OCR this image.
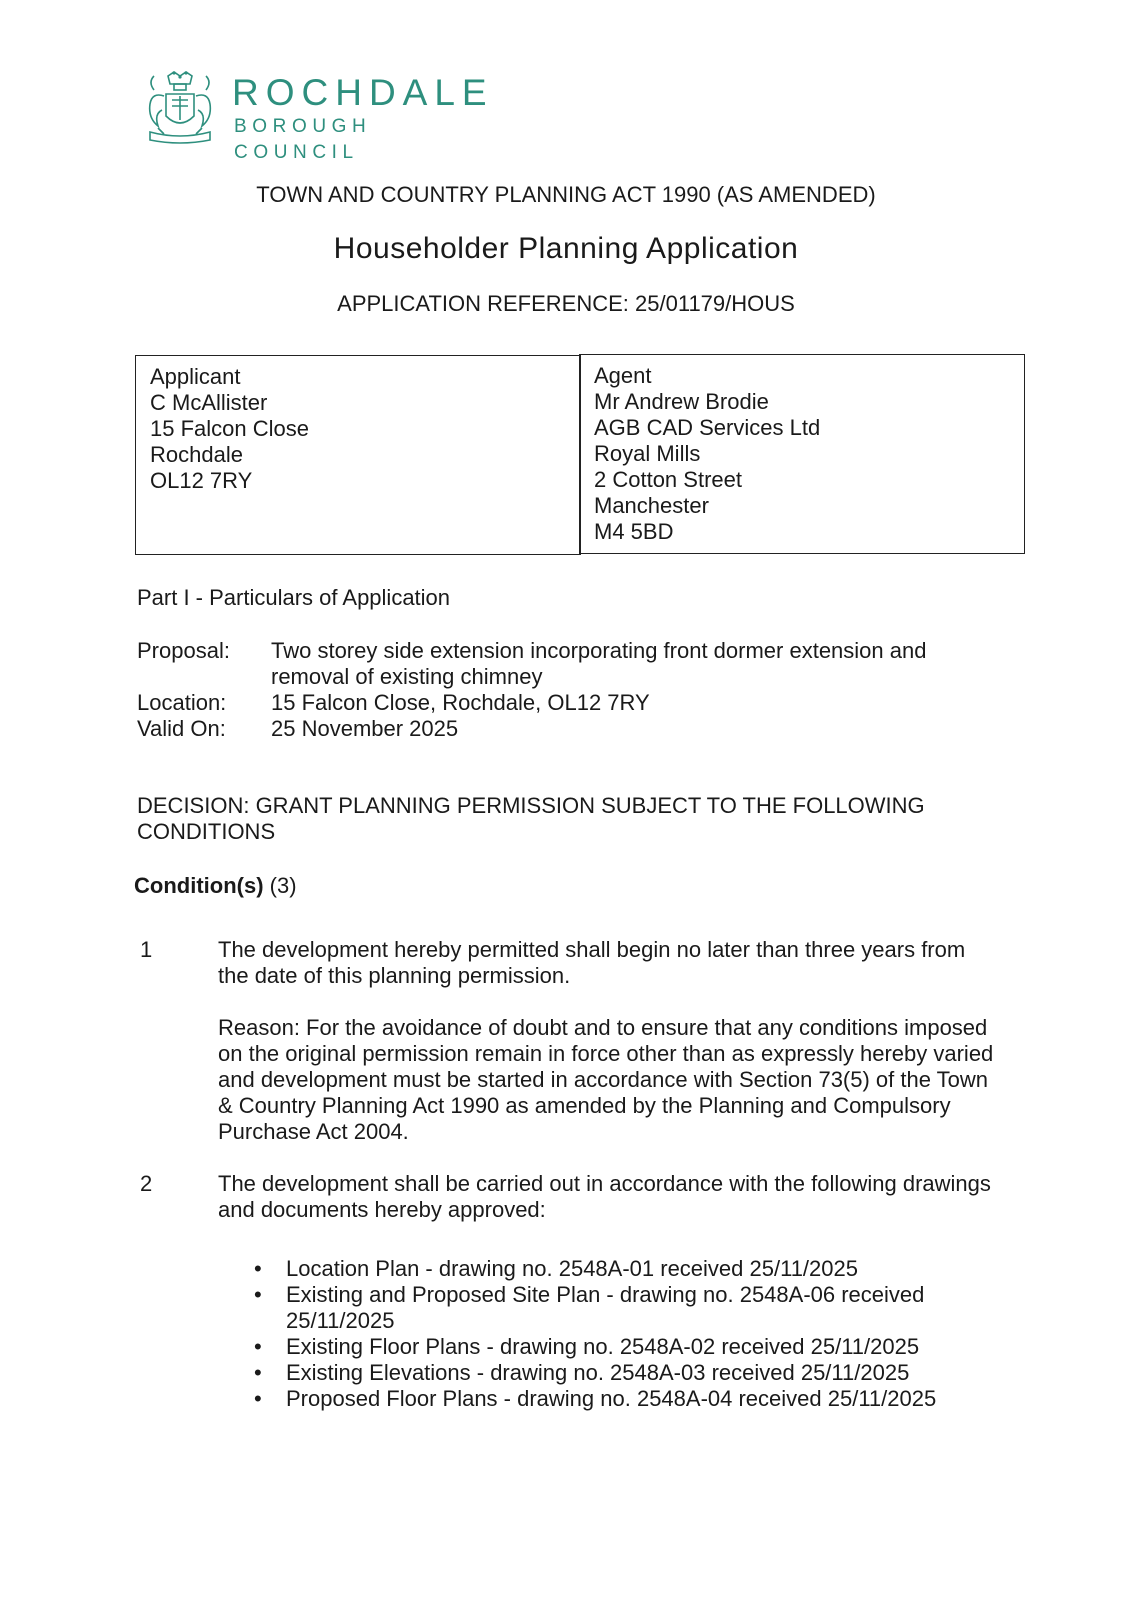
ROCHDALE
BOROUGH COUNCIL
TOWN AND COUNTRY PLANNING ACT 1990 (AS AMENDED)
Householder Planning Application
APPLICATION REFERENCE: 25/01179/HOUS
Applicant
C McAllister
15 Falcon Close
Rochdale
OL12 7RY
Agent
Mr Andrew Brodie
AGB CAD Services Ltd
Royal Mills
2 Cotton Street
Manchester
M4 5BD
Part I - Particulars of Application
Proposal:	Two storey side extension incorporating front dormer extension and removal of existing chimney
Location:	15 Falcon Close, Rochdale, OL12 7RY
Valid On:	25 November 2025
DECISION: GRANT PLANNING PERMISSION SUBJECT TO THE FOLLOWING CONDITIONS
Condition(s) (3)
1	The development hereby permitted shall begin no later than three years from the date of this planning permission.
Reason: For the avoidance of doubt and to ensure that any conditions imposed on the original permission remain in force other than as expressly hereby varied and development must be started in accordance with Section 73(5) of the Town & Country Planning Act 1990 as amended by the Planning and Compulsory Purchase Act 2004.
2	The development shall be carried out in accordance with the following drawings and documents hereby approved:
• Location Plan - drawing no. 2548A-01 received 25/11/2025
• Existing and Proposed Site Plan - drawing no. 2548A-06 received 25/11/2025
• Existing Floor Plans - drawing no. 2548A-02 received 25/11/2025
• Existing Elevations - drawing no. 2548A-03 received 25/11/2025
• Proposed Floor Plans - drawing no. 2548A-04 received 25/11/2025
